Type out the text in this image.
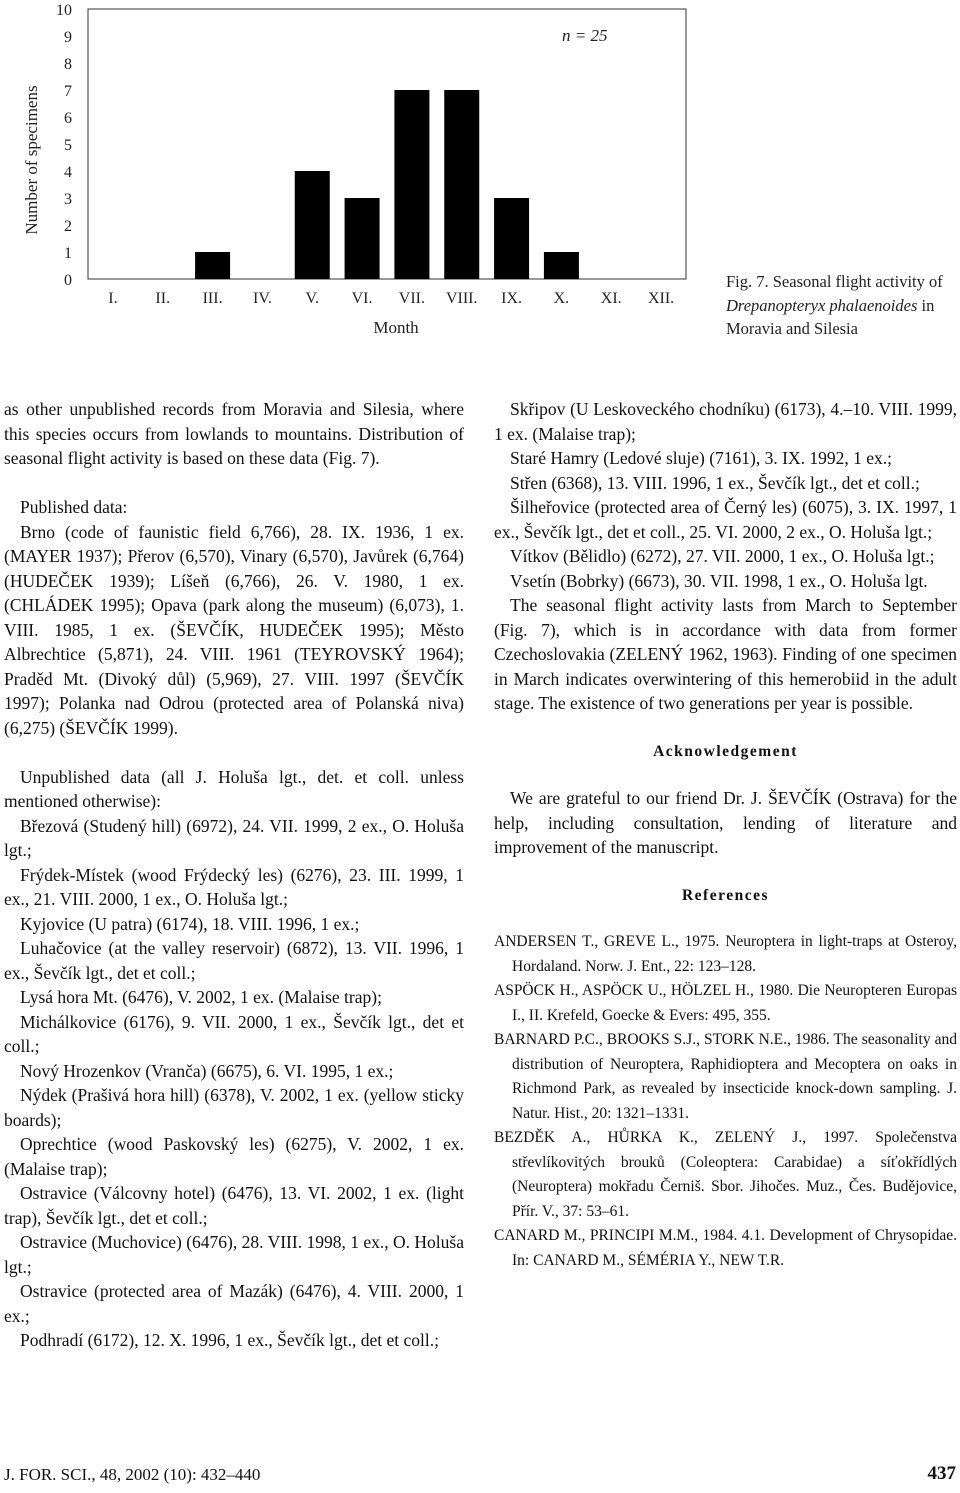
Number of specimens
Month
n = 25
0
1
2
3
4
5
6
7
8
9
10
I. II. III. IV. V. VI. VII. VIII. IX. X. XI. XII.
Fig. 7. Seasonal flight activity of Drepanopteryx phalaenoides in Moravia and Silesia

as other unpublished records from Moravia and Silesia, where this species occurs from lowlands to mountains. Distribution of seasonal flight activity is based on these data (Fig. 7).

Published data:

Brno (code of faunistic field 6,766), 28. IX. 1936, 1 ex. (MAYER 1937); Přerov (6,570), Vinary (6,570), Javůrek (6,764) (HUDEČEK 1939); Líšeň (6,766), 26. V. 1980, 1 ex. (CHLÁDEK 1995); Opava (park along the museum) (6,073), 1. VIII. 1985, 1 ex. (ŠEVČÍK, HUDEČEK 1995); Město Albrechtice (5,871), 24. VIII. 1961 (TEYROVSKÝ 1964); Praděd Mt. (Divoký důl) (5,969), 27. VIII. 1997 (ŠEVČÍK 1997); Polanka nad Odrou (protected area of Polanská niva) (6,275) (ŠEVČÍK 1999).

Unpublished data (all J. Holuša lgt., det. et coll. unless mentioned otherwise):

Březová (Studený hill) (6972), 24. VII. 1999, 2 ex., O. Holuša lgt.;

Frýdek-Místek (wood Frýdecký les) (6276), 23. III. 1999, 1 ex., 21. VIII. 2000, 1 ex., O. Holuša lgt.;

Kyjovice (U patra) (6174), 18. VIII. 1996, 1 ex.;

Luhačovice (at the valley reservoir) (6872), 13. VII. 1996, 1 ex., Ševčík lgt., det et coll.;

Lysá hora Mt. (6476), V. 2002, 1 ex. (Malaise trap);

Michálkovice (6176), 9. VII. 2000, 1 ex., Ševčík lgt., det et coll.;

Nový Hrozenkov (Vranča) (6675), 6. VI. 1995, 1 ex.;

Nýdek (Prašivá hora hill) (6378), V. 2002, 1 ex. (yellow sticky boards);

Oprechtice (wood Paskovský les) (6275), V. 2002, 1 ex. (Malaise trap);

Ostravice (Válcovny hotel) (6476), 13. VI. 2002, 1 ex. (light trap), Ševčík lgt., det et coll.;

Ostravice (Muchovice) (6476), 28. VIII. 1998, 1 ex., O. Holuša lgt.;

Ostravice (protected area of Mazák) (6476), 4. VIII. 2000, 1 ex.;

Podhradí (6172), 12. X. 1996, 1 ex., Ševčík lgt., det et coll.;

Skřipov (U Leskoveckého chodníku) (6173), 4.–10. VIII. 1999, 1 ex. (Malaise trap);

Staré Hamry (Ledové sluje) (7161), 3. IX. 1992, 1 ex.;

Střen (6368), 13. VIII. 1996, 1 ex., Ševčík lgt., det et coll.;

Šilheřovice (protected area of Černý les) (6075), 3. IX. 1997, 1 ex., Ševčík lgt., det et coll., 25. VI. 2000, 2 ex., O. Holuša lgt.;

Vítkov (Bělidlo) (6272), 27. VII. 2000, 1 ex., O. Holuša lgt.;

Vsetín (Bobrky) (6673), 30. VII. 1998, 1 ex., O. Holuša lgt.

The seasonal flight activity lasts from March to September (Fig. 7), which is in accordance with data from former Czechoslovakia (ZELENÝ 1962, 1963). Finding of one specimen in March indicates overwintering of this hemerobiid in the adult stage. The existence of two generations per year is possible.

Acknowledgement

We are grateful to our friend Dr. J. ŠEVČÍK (Ostrava) for the help, including consultation, lending of literature and improvement of the manuscript.

References

ANDERSEN T., GREVE L., 1975. Neuroptera in light-traps at Osteroy, Hordaland. Norw. J. Ent., 22: 123–128.

ASPÖCK H., ASPÖCK U., HÖLZEL H., 1980. Die Neuropteren Europas I., II. Krefeld, Goecke & Evers: 495, 355.

BARNARD P.C., BROOKS S.J., STORK N.E., 1986. The seasonality and distribution of Neuroptera, Raphidioptera and Mecoptera on oaks in Richmond Park, as revealed by insecticide knock-down sampling. J. Natur. Hist., 20: 1321–1331.

BEZDĚK A., HŮRKA K., ZELENÝ J., 1997. Společenstva střevlíkovitých brouků (Coleoptera: Carabidae) a síťokřídlých (Neuroptera) mokřadu Černiš. Sbor. Jihočes. Muz., Čes. Budějovice, Přír. V., 37: 53–61.

CANARD M., PRINCIPI M.M., 1984. 4.1. Development of Chrysopidae. In: CANARD M., SÉMÉRIA Y., NEW T.R.

J. FOR. SCI., 48, 2002 (10): 432–440	437
